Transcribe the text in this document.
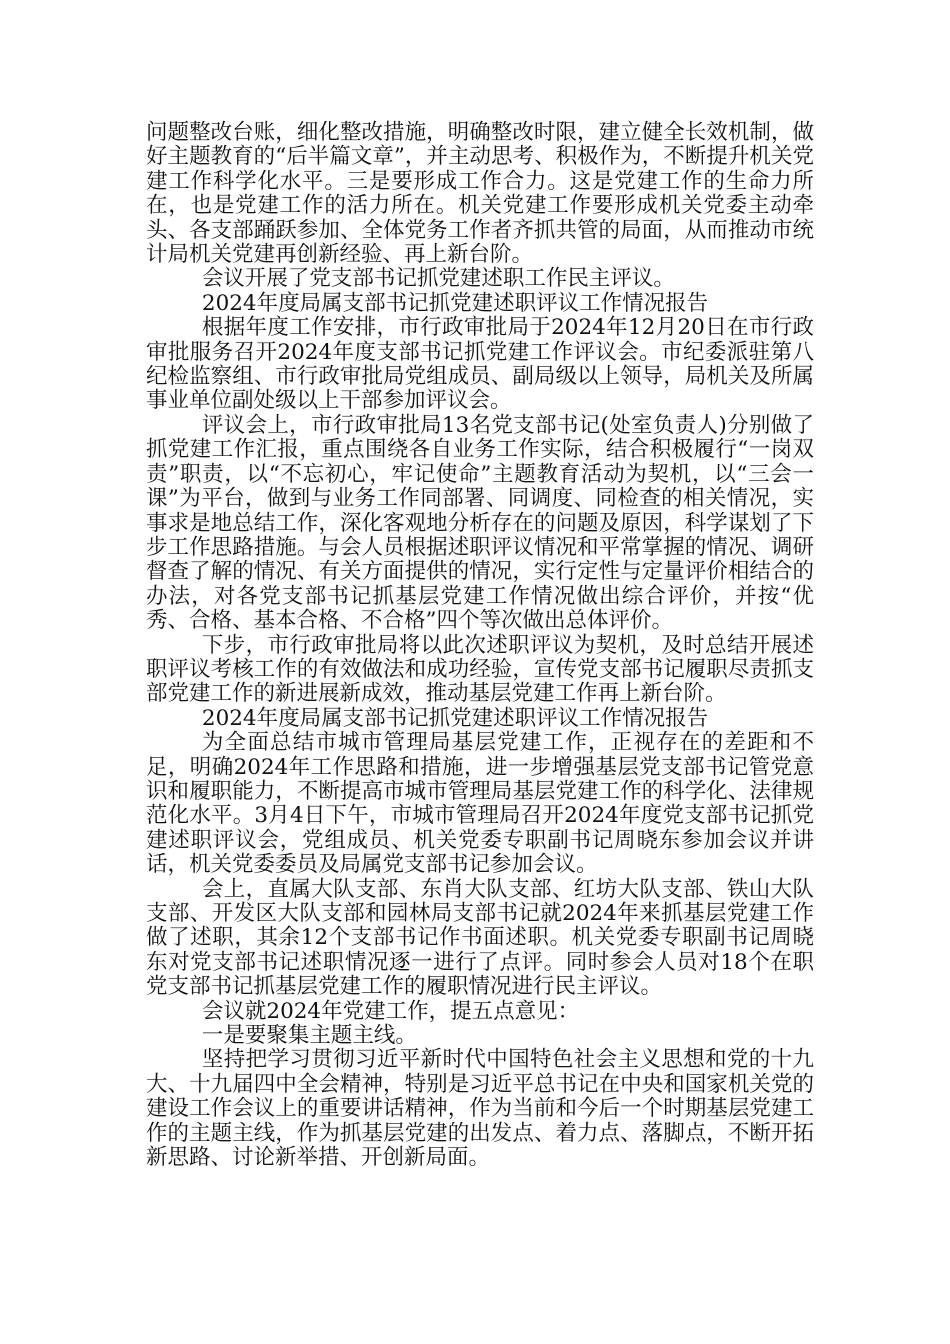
问题整改台账，细化整改措施，明确整改时限，建立健全长效机制，做好主题教育的“后半篇文章”，并主动思考、积极作为，不断提升机关党建工作科学化水平。三是要形成工作合力。这是党建工作的生命力所在，也是党建工作的活力所在。机关党建工作要形成机关党委主动牵头、各支部踊跃参加、全体党务工作者齐抓共管的局面，从而推动市统计局机关党建再创新经验、再上新台阶。

会议开展了党支部书记抓党建述职工作民主评议。

2024年度局属支部书记抓党建述职评议工作情况报告

根据年度工作安排，市行政审批局于2024年12月20日在市行政审批服务召开2024年度支部书记抓党建工作评议会。市纪委派驻第八纪检监察组、市行政审批局党组成员、副局级以上领导，局机关及所属事业单位副处级以上干部参加评议会。

评议会上，市行政审批局13名党支部书记(处室负责人)分别做了抓党建工作汇报，重点围绕各自业务工作实际，结合积极履行“一岗双责”职责，以“不忘初心，牢记使命”主题教育活动为契机，以“三会一课”为平台，做到与业务工作同部署、同调度、同检查的相关情况，实事求是地总结工作，深化客观地分析存在的问题及原因，科学谋划了下步工作思路措施。与会人员根据述职评议情况和平常掌握的情况、调研督查了解的情况、有关方面提供的情况，实行定性与定量评价相结合的办法，对各党支部书记抓基层党建工作情况做出综合评价，并按“优秀、合格、基本合格、不合格”四个等次做出总体评价。

下步，市行政审批局将以此次述职评议为契机，及时总结开展述职评议考核工作的有效做法和成功经验，宣传党支部书记履职尽责抓支部党建工作的新进展新成效，推动基层党建工作再上新台阶。

2024年度局属支部书记抓党建述职评议工作情况报告

为全面总结市城市管理局基层党建工作，正视存在的差距和不足，明确2024年工作思路和措施，进一步增强基层党支部书记管党意识和履职能力，不断提高市城市管理局基层党建工作的科学化、法律规范化水平。3月4日下午，市城市管理局召开2024年度党支部书记抓党建述职评议会，党组成员、机关党委专职副书记周晓东参加会议并讲话，机关党委委员及局属党支部书记参加会议。

会上，直属大队支部、东肖大队支部、红坊大队支部、铁山大队支部、开发区大队支部和园林局支部书记就2024年来抓基层党建工作做了述职，其余12个支部书记作书面述职。机关党委专职副书记周晓东对党支部书记述职情况逐一进行了点评。同时参会人员对18个在职党支部书记抓基层党建工作的履职情况进行民主评议。

会议就2024年党建工作，提五点意见：

一是要聚集主题主线。

坚持把学习贯彻习近平新时代中国特色社会主义思想和党的十九大、十九届四中全会精神，特别是习近平总书记在中央和国家机关党的建设工作会议上的重要讲话精神，作为当前和今后一个时期基层党建工作的主题主线，作为抓基层党建的出发点、着力点、落脚点，不断开拓新思路、讨论新举措、开创新局面。
